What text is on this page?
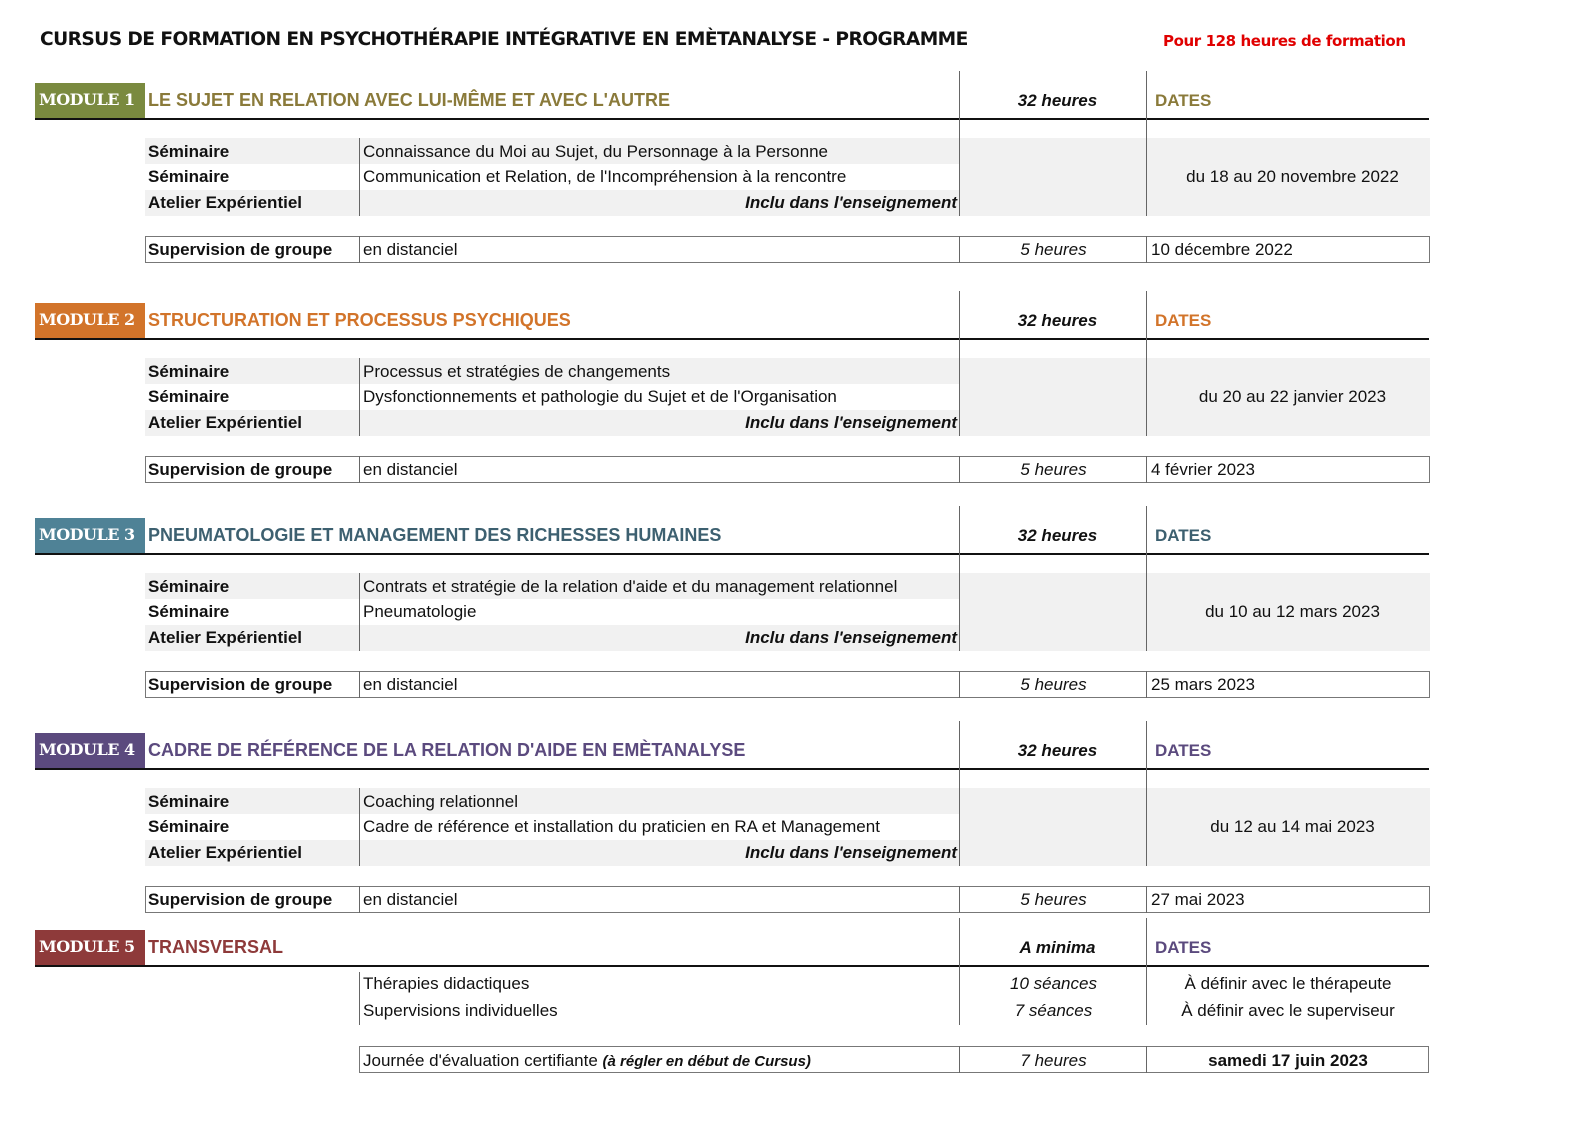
CURSUS DE FORMATION EN PSYCHOTHÉRAPIE INTÉGRATIVE EN EMÈTANALYSE - PROGRAMME	Pour 128 heures de formation
MODULE 1 LE SUJET EN RELATION AVEC LUI-MÊME ET AVEC L'AUTRE	32 heures	DATES
Séminaire	Connaissance du Moi au Sujet, du Personnage à la Personne
Séminaire	Communication et Relation, de l'Incompréhension à la rencontre
Atelier Expérientiel	Inclu dans l'enseignement
du 18 au 20 novembre 2022
Supervision de groupe en distanciel	5 heures	10 décembre 2022
MODULE 2 STRUCTURATION ET PROCESSUS PSYCHIQUES	32 heures	DATES
Séminaire	Processus et stratégies de changements
Séminaire	Dysfonctionnements et pathologie du Sujet et de l'Organisation
Atelier Expérientiel	Inclu dans l'enseignement
du 20 au 22 janvier 2023
Supervision de groupe en distanciel	5 heures	4 février 2023
MODULE 3 PNEUMATOLOGIE ET MANAGEMENT DES RICHESSES HUMAINES	32 heures	DATES
Séminaire	Contrats et stratégie de la relation d'aide et du management relationnel
Séminaire	Pneumatologie
Atelier Expérientiel	Inclu dans l'enseignement
du 10 au 12 mars 2023
Supervision de groupe en distanciel	5 heures	25 mars 2023
MODULE 4 CADRE DE RÉFÉRENCE DE LA RELATION D'AIDE EN EMÈTANALYSE	32 heures	DATES
Séminaire	Coaching relationnel
Séminaire	Cadre de référence et installation du praticien en RA et Management
Atelier Expérientiel	Inclu dans l'enseignement
du 12 au 14 mai 2023
Supervision de groupe en distanciel	5 heures	27 mai 2023
MODULE 5 TRANSVERSAL	A minima	DATES
Thérapies didactiques	10 séances	À définir avec le thérapeute
Supervisions individuelles	7 séances	À définir avec le superviseur
Journée d'évaluation certifiante (à régler en début de Cursus)	7 heures	samedi 17 juin 2023
